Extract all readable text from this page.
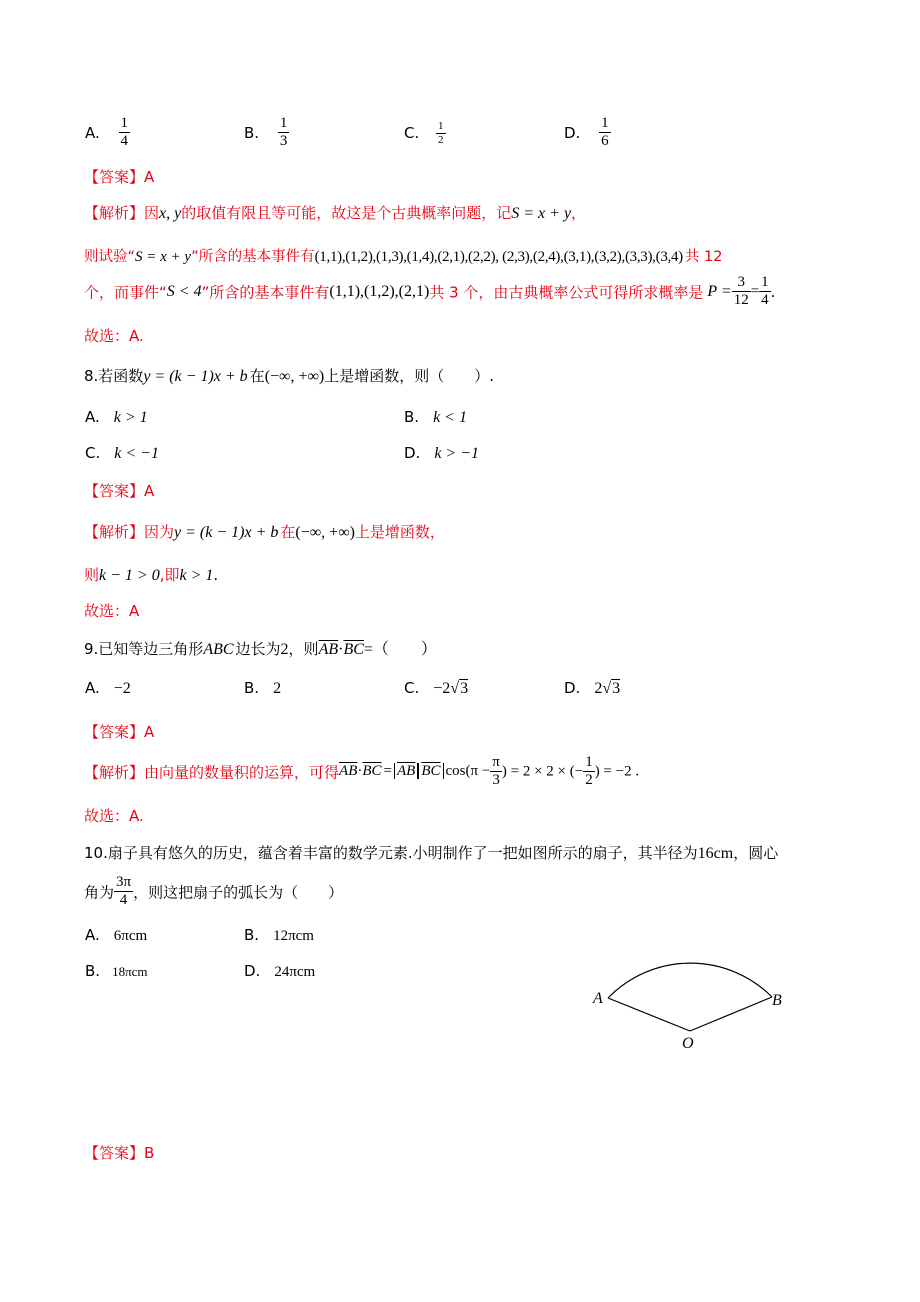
A. $\frac{1}{4}$	B. $\frac{1}{3}$	C. $\frac{1}{2}$	D. $\frac{1}{6}$
【答案】A
【解析】因x, y的取值有限且等可能，故这是个古典概率问题，记S = x + y，
则试验“S = x + y”所含的基本事件有(1,1),(1,2),(1,3),(1,4),(2,1),(2,2), (2,3),(2,4),(3,1),(3,2),(3,3),(3,4) 共 12
个，而事件“S < 4”所含的基本事件有(1,1),(1,2),(2,1)共 3 个，由古典概率公式可得所求概率是 $P = \frac{3}{12} = \frac{1}{4}$ .
故选：A.
8.若函数y = (k − 1)x + b 在(−∞, +∞)上是增函数，则（　　）.
A. k > 1	B. k < 1
C. k < −1	D. k > −1
【答案】A
【解析】因为y = (k − 1)x + b 在(−∞, +∞)上是增函数，
则k − 1 > 0,即k > 1.
故选：A
9.已知等边三角形ABC 边长为2，则$\overline{AB}\cdot\overline{BC}=$（　　）
A. −2	B. 2	C. −2√3	D. 2√3
【答案】A
【解析】由向量的数量积的运算，可得$\overline{AB}\cdot\overline{BC} = \overline{AB}$ $\overline{BC}$ $\cos(\pi - \frac{\pi}{3}$ ) = 2 × 2 × (− $\frac{1}{2}$ ) = −2 .
故选：A.
10.扇子具有悠久的历史，蕴含着丰富的数学元素.小明制作了一把如图所示的扇子，其半径为16cm，圆心
角为 $\frac{3\pi}{4}$ ，则这把扇子的弧长为（　　）
A. 6πcm	B. 12πcm
B. 18πcm	D. 24πcm
A	B
O
【答案】B
